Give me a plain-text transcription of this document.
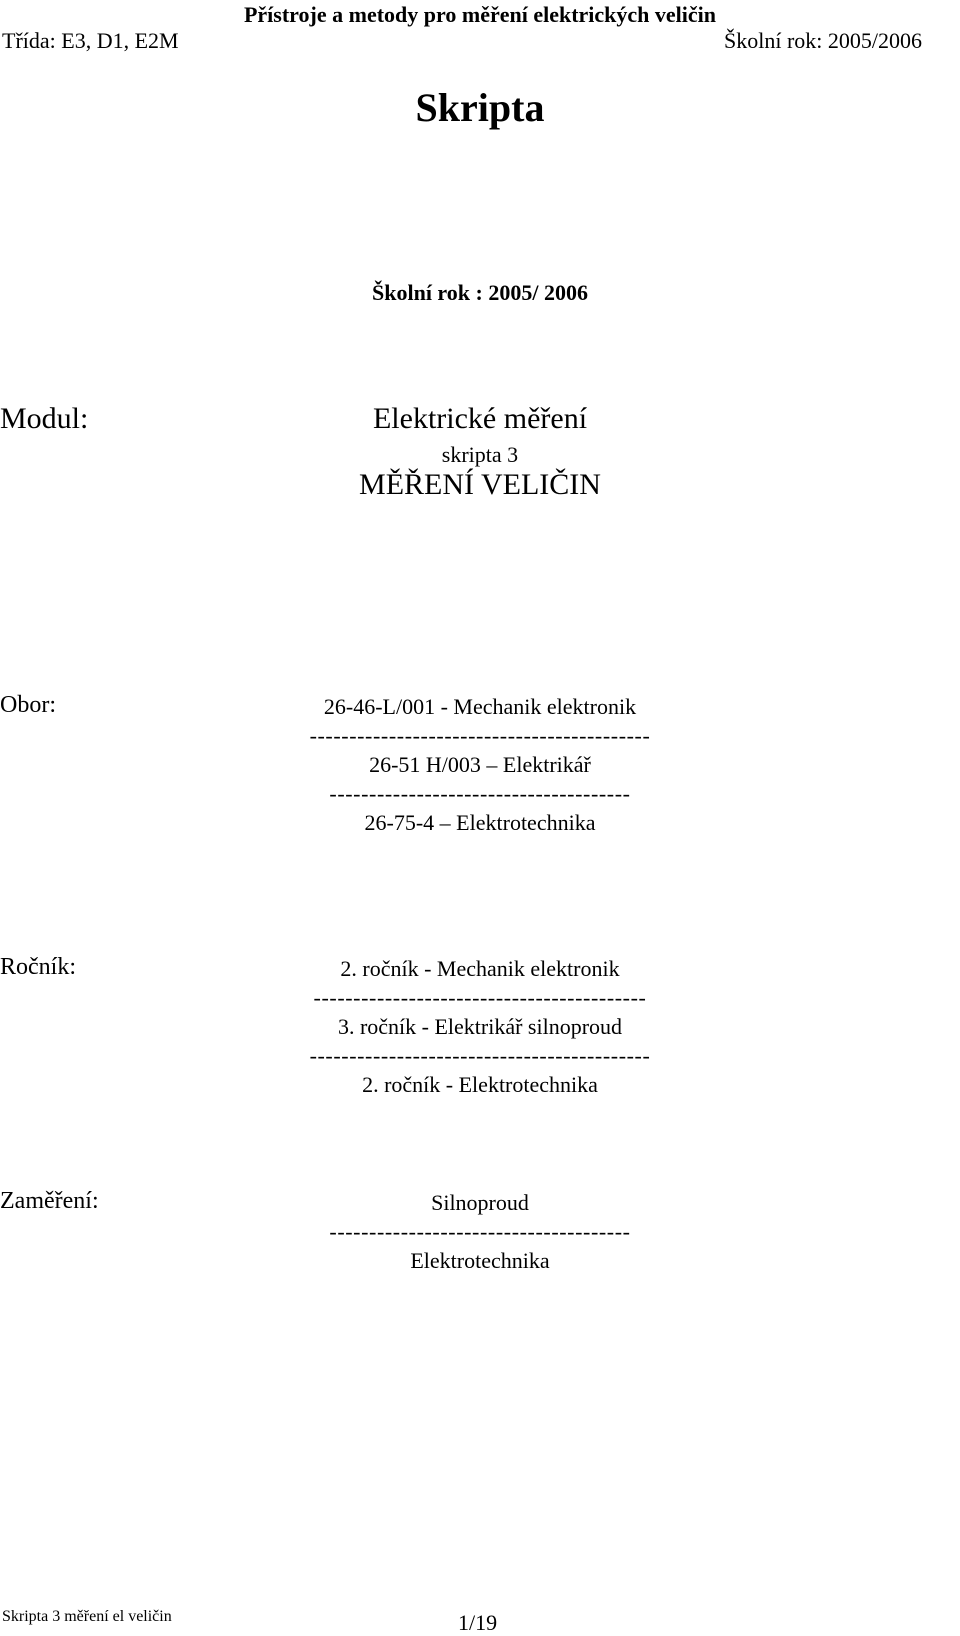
Přístroje a metody pro měření elektrických veličin
Třída: E3, D1, E2M	Školní rok: 2005/2006
Skripta
Školní rok : 2005/ 2006
Modul:	Elektrické měření
skripta 3
MĚŘENÍ VELIČIN
Obor:	26-46-L/001 - Mechanik elektronik
-------------------------------------------
26-51 H/003 – Elektrikář
--------------------------------------
26-75-4 – Elektrotechnika
Ročník:	2. ročník - Mechanik elektronik
------------------------------------------
3. ročník - Elektrikář silnoproud
-------------------------------------------
2. ročník - Elektrotechnika
Zaměření:	Silnoproud
--------------------------------------
Elektrotechnika
Skripta 3 měření el veličin	1/19
